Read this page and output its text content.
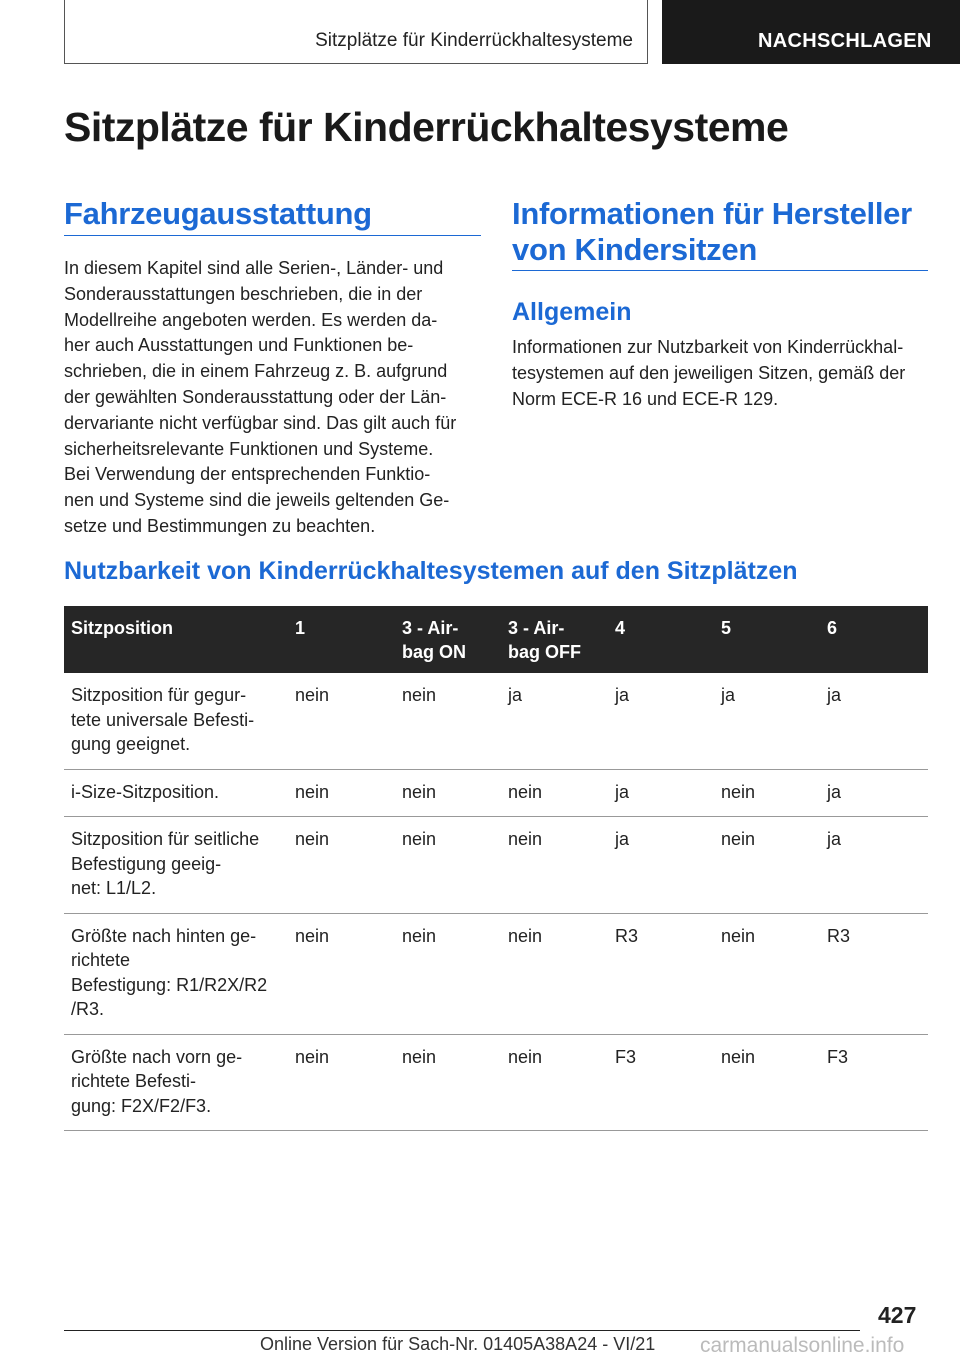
Sitzplätze für Kinderrückhaltesysteme	NACHSCHLAGEN
Sitzplätze für Kinderrückhaltesysteme
Fahrzeugausstattung

In diesem Kapitel sind alle Serien-, Länder- und
Sonderausstattungen beschrieben, die in der
Modellreihe angeboten werden. Es werden da-
her auch Ausstattungen und Funktionen be-
schrieben, die in einem Fahrzeug z. B. aufgrund
der gewählten Sonderausstattung oder der Län-
dervariante nicht verfügbar sind. Das gilt auch für
sicherheitsrelevante Funktionen und Systeme.
Bei Verwendung der entsprechenden Funktio-
nen und Systeme sind die jeweils geltenden Ge-
setze und Bestimmungen zu beachten.

Informationen für Hersteller
von Kindersitzen
Allgemein

Informationen zur Nutzbarkeit von Kinderrückhal-
tesystemen auf den jeweiligen Sitzen, gemäß der
Norm ECE-R 16 und ECE-R 129.

Nutzbarkeit von Kinderrückhaltesystemen auf den Sitzplätzen
Sitzposition	1	3 - Air-
bag ON	3 - Air-
bag OFF	4	5	6
Sitzposition für gegur-
tete universale Befesti-
gung geeignet.	nein	nein	ja	ja	ja	ja
i-Size-Sitzposition.	nein	nein	nein	ja	nein	ja
Sitzposition für seitliche
Befestigung geeig-
net: L1/L2.	nein	nein	nein	ja	nein	ja
Größte nach hinten ge-
richtete
Befestigung: R1/R2X/R2
/R3.	nein	nein	nein	R3	nein	R3
Größte nach vorn ge-
richtete Befesti-
gung: F2X/F2/F3.	nein	nein	nein	F3	nein	F3
427
Online Version für Sach-Nr. 01405A38A24 - VI/21 carmanualsonline.info
